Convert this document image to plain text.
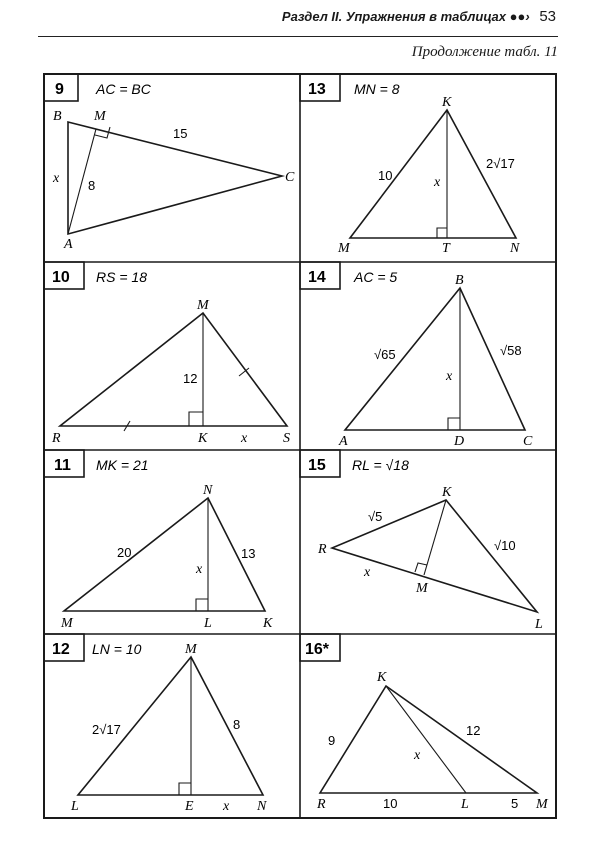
Раздел II. Упражнения в таблицах ●●› 53
Продолжение табл. 11
9 AC = BC	13 MN = 8
10 RS = 18	14 AC = 5
11 MK = 21	15 RL = √18
12 LN = 10	16*
B M
C
A
15
8
x
K
M	T	N
10
2√17
x
M
R	K	S
12
x
B
A	D	C
√65	√58
x
N
M	L	K
20	13
x
K
R
M
L
√5
√10
x
M
L	E	N
2√17	8
x
K
R	L	M
9
12
x
10	5
